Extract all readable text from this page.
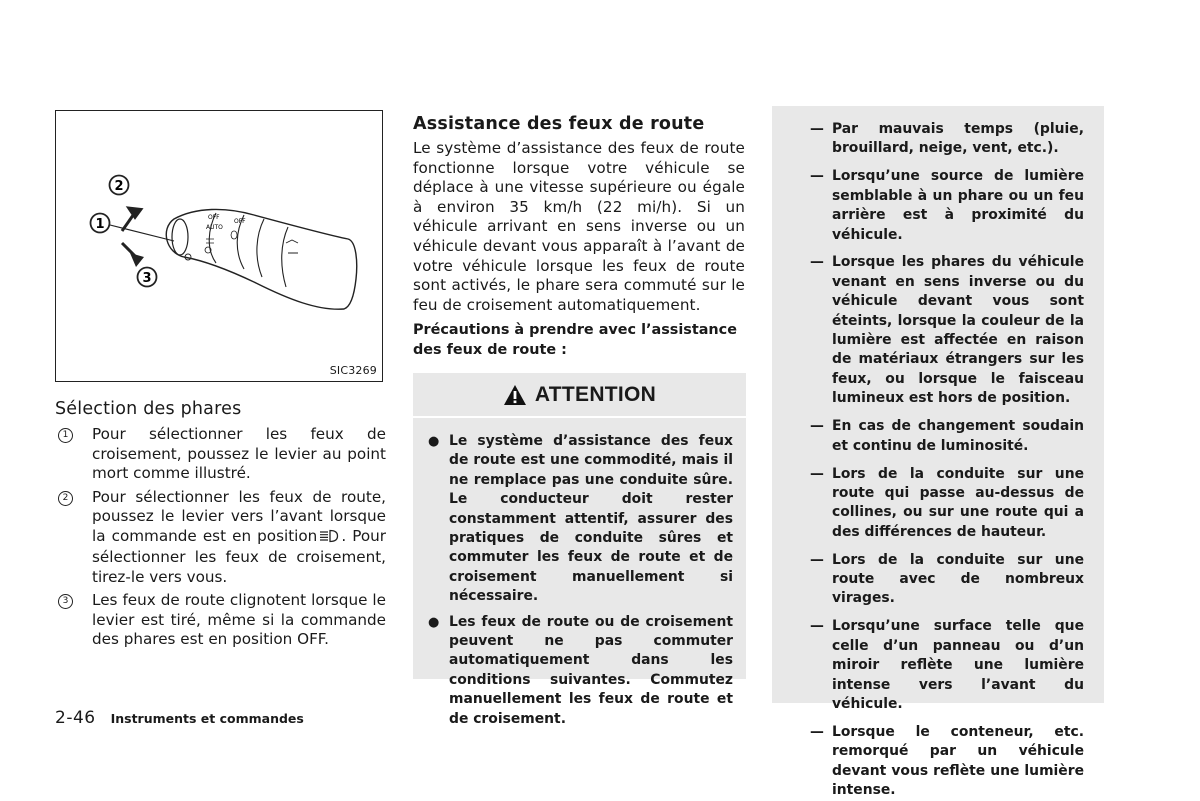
OFF
AUTO
OFF
2
1
3
SIC3269
Sélection des phares
1	Pour sélectionner les feux de croisement, poussez le levier au point mort comme illustré.
2	Pour sélectionner les feux de route, poussez le levier vers l’avant lorsque la commande est en position . Pour sélectionner les feux de croisement, tirez-le vers vous.
3	Les feux de route clignotent lorsque le levier est tiré, même si la commande des phares est en position OFF.
Assistance des feux de route

Le système d’assistance des feux de route fonctionne lorsque votre véhicule se déplace à une vitesse supérieure ou égale à environ 35 km/h (22 mi/h). Si un véhicule arrivant en sens inverse ou un véhicule devant vous apparaît à l’avant de votre véhicule lorsque les feux de route sont activés, le phare sera commuté sur le feu de croisement automatiquement.

Précautions à prendre avec l’assistance des feux de route :

ATTENTION
● Le système d’assistance des feux de route est une commodité, mais il ne remplace pas une conduite sûre. Le conducteur doit rester constamment attentif, assurer des pratiques de conduite sûres et commuter les feux de route et de croisement manuellement si nécessaire.
● Les feux de route ou de croisement peuvent ne pas commuter automatiquement dans les conditions suivantes. Commutez manuellement les feux de route et de croisement.
— Par mauvais temps (pluie, brouillard, neige, vent, etc.).
— Lorsqu’une source de lumière semblable à un phare ou un feu arrière est à proximité du véhicule.
— Lorsque les phares du véhicule venant en sens inverse ou du véhicule devant vous sont éteints, lorsque la couleur de la lumière est affectée en raison de matériaux étrangers sur les feux, ou lorsque le faisceau lumineux est hors de position.
— En cas de changement soudain et continu de luminosité.
— Lors de la conduite sur une route qui passe au-dessus de collines, ou sur une route qui a des différences de hauteur.
— Lors de la conduite sur une route avec de nombreux virages.
— Lorsqu’une surface telle que celle d’un panneau ou d’un miroir reflète une lumière intense vers l’avant du véhicule.
— Lorsque le conteneur, etc. remorqué par un véhicule devant vous reflète une lumière intense.
2-46 Instruments et commandes
